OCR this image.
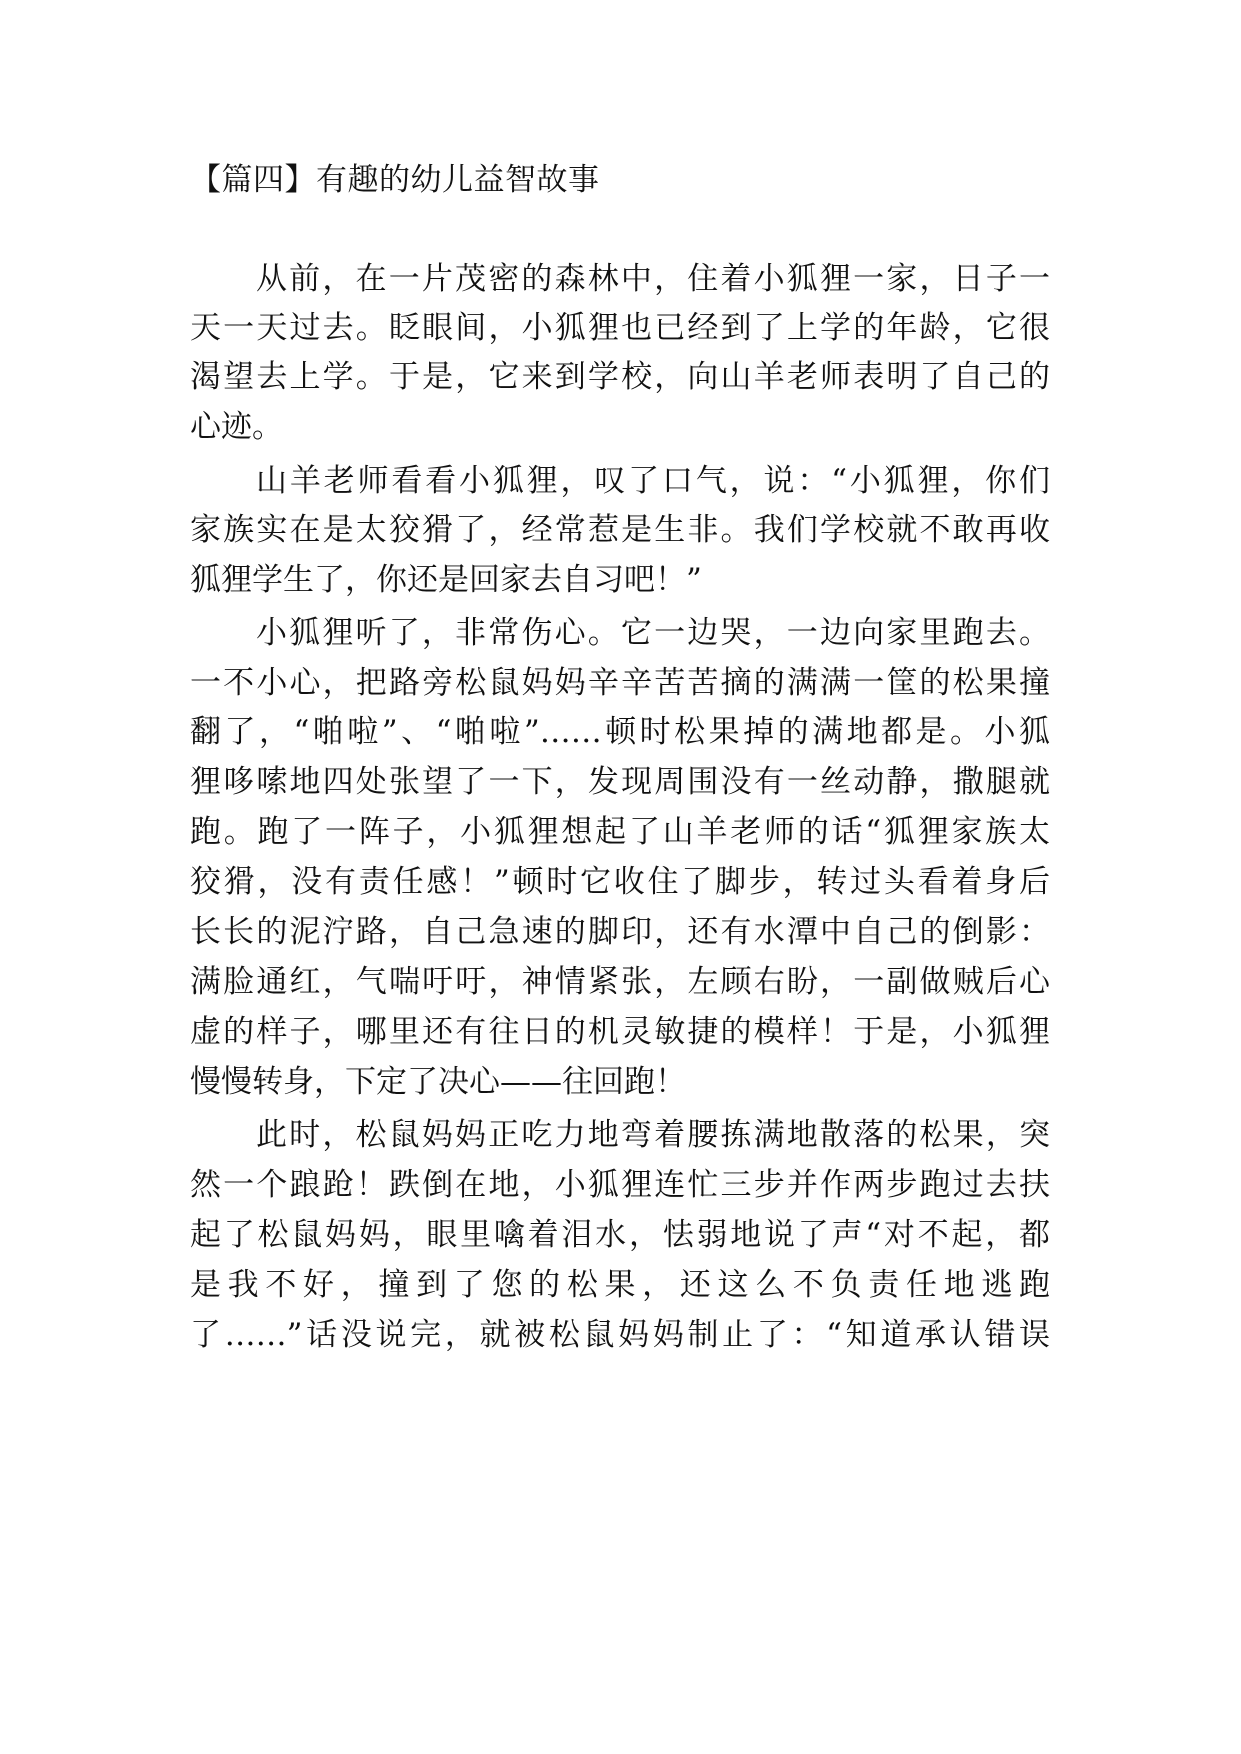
【篇四】有趣的幼儿益智故事
从前，在一片茂密的森林中，住着小狐狸一家，日子一
天一天过去。眨眼间，小狐狸也已经到了上学的年龄，它很
渴望去上学。于是，它来到学校，向山羊老师表明了自己的
心迹。
山羊老师看看小狐狸，叹了口气，说：“小狐狸，你们
家族实在是太狡猾了，经常惹是生非。我们学校就不敢再收
狐狸学生了，你还是回家去自习吧！”
小狐狸听了，非常伤心。它一边哭，一边向家里跑去。
一不小心，把路旁松鼠妈妈辛辛苦苦摘的满满一筐的松果撞
翻了，“啪啦”、“啪啦”……顿时松果掉的满地都是。小狐
狸哆嗦地四处张望了一下，发现周围没有一丝动静，撒腿就
跑。跑了一阵子，小狐狸想起了山羊老师的话“狐狸家族太
狡猾，没有责任感！”顿时它收住了脚步，转过头看着身后
长长的泥泞路，自己急速的脚印，还有水潭中自己的倒影：
满脸通红，气喘吁吁，神情紧张，左顾右盼，一副做贼后心
虚的样子，哪里还有往日的机灵敏捷的模样！于是，小狐狸
慢慢转身，下定了决心——往回跑！
此时，松鼠妈妈正吃力地弯着腰拣满地散落的松果，突
然一个踉跄！跌倒在地，小狐狸连忙三步并作两步跑过去扶
起了松鼠妈妈，眼里噙着泪水，怯弱地说了声“对不起，都
是我不好，撞到了您的松果，还这么不负责任地逃跑
了……”话没说完，就被松鼠妈妈制止了：“知道承认错误
